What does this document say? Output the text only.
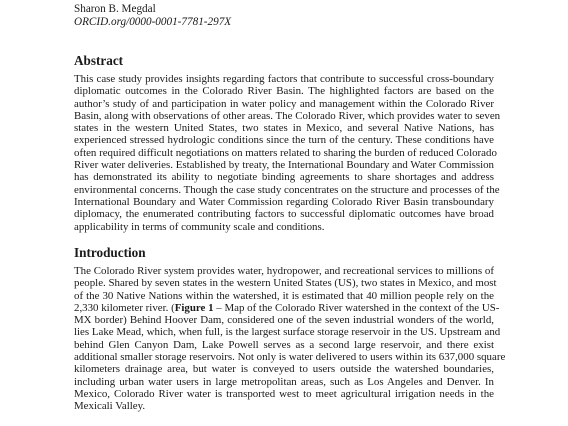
Sharon B. Megdal
ORCID.org/0000-0001-7781-297X
Abstract
This case study provides insights regarding factors that contribute to successful cross-boundary
diplomatic outcomes in the Colorado River Basin. The highlighted factors are based on the
author’s study of and participation in water policy and management within the Colorado River
Basin, along with observations of other areas. The Colorado River, which provides water to seven
states in the western United States, two states in Mexico, and several Native Nations, has
experienced stressed hydrologic conditions since the turn of the century. These conditions have
often required difficult negotiations on matters related to sharing the burden of reduced Colorado
River water deliveries. Established by treaty, the International Boundary and Water Commission
has demonstrated its ability to negotiate binding agreements to share shortages and address
environmental concerns. Though the case study concentrates on the structure and processes of the
International Boundary and Water Commission regarding Colorado River Basin transboundary
diplomacy, the enumerated contributing factors to successful diplomatic outcomes have broad
applicability in terms of community scale and conditions.
Introduction
The Colorado River system provides water, hydropower, and recreational services to millions of
people. Shared by seven states in the western United States (US), two states in Mexico, and most
of the 30 Native Nations within the watershed, it is estimated that 40 million people rely on the
2,330 kilometer river. (Figure 1 – Map of the Colorado River watershed in the context of the US-
MX border) Behind Hoover Dam, considered one of the seven industrial wonders of the world,
lies Lake Mead, which, when full, is the largest surface storage reservoir in the US. Upstream and
behind Glen Canyon Dam, Lake Powell serves as a second large reservoir, and there exist
additional smaller storage reservoirs. Not only is water delivered to users within its 637,000 square
kilometers drainage area, but water is conveyed to users outside the watershed boundaries,
including urban water users in large metropolitan areas, such as Los Angeles and Denver. In
Mexico, Colorado River water is transported west to meet agricultural irrigation needs in the
Mexicali Valley.
